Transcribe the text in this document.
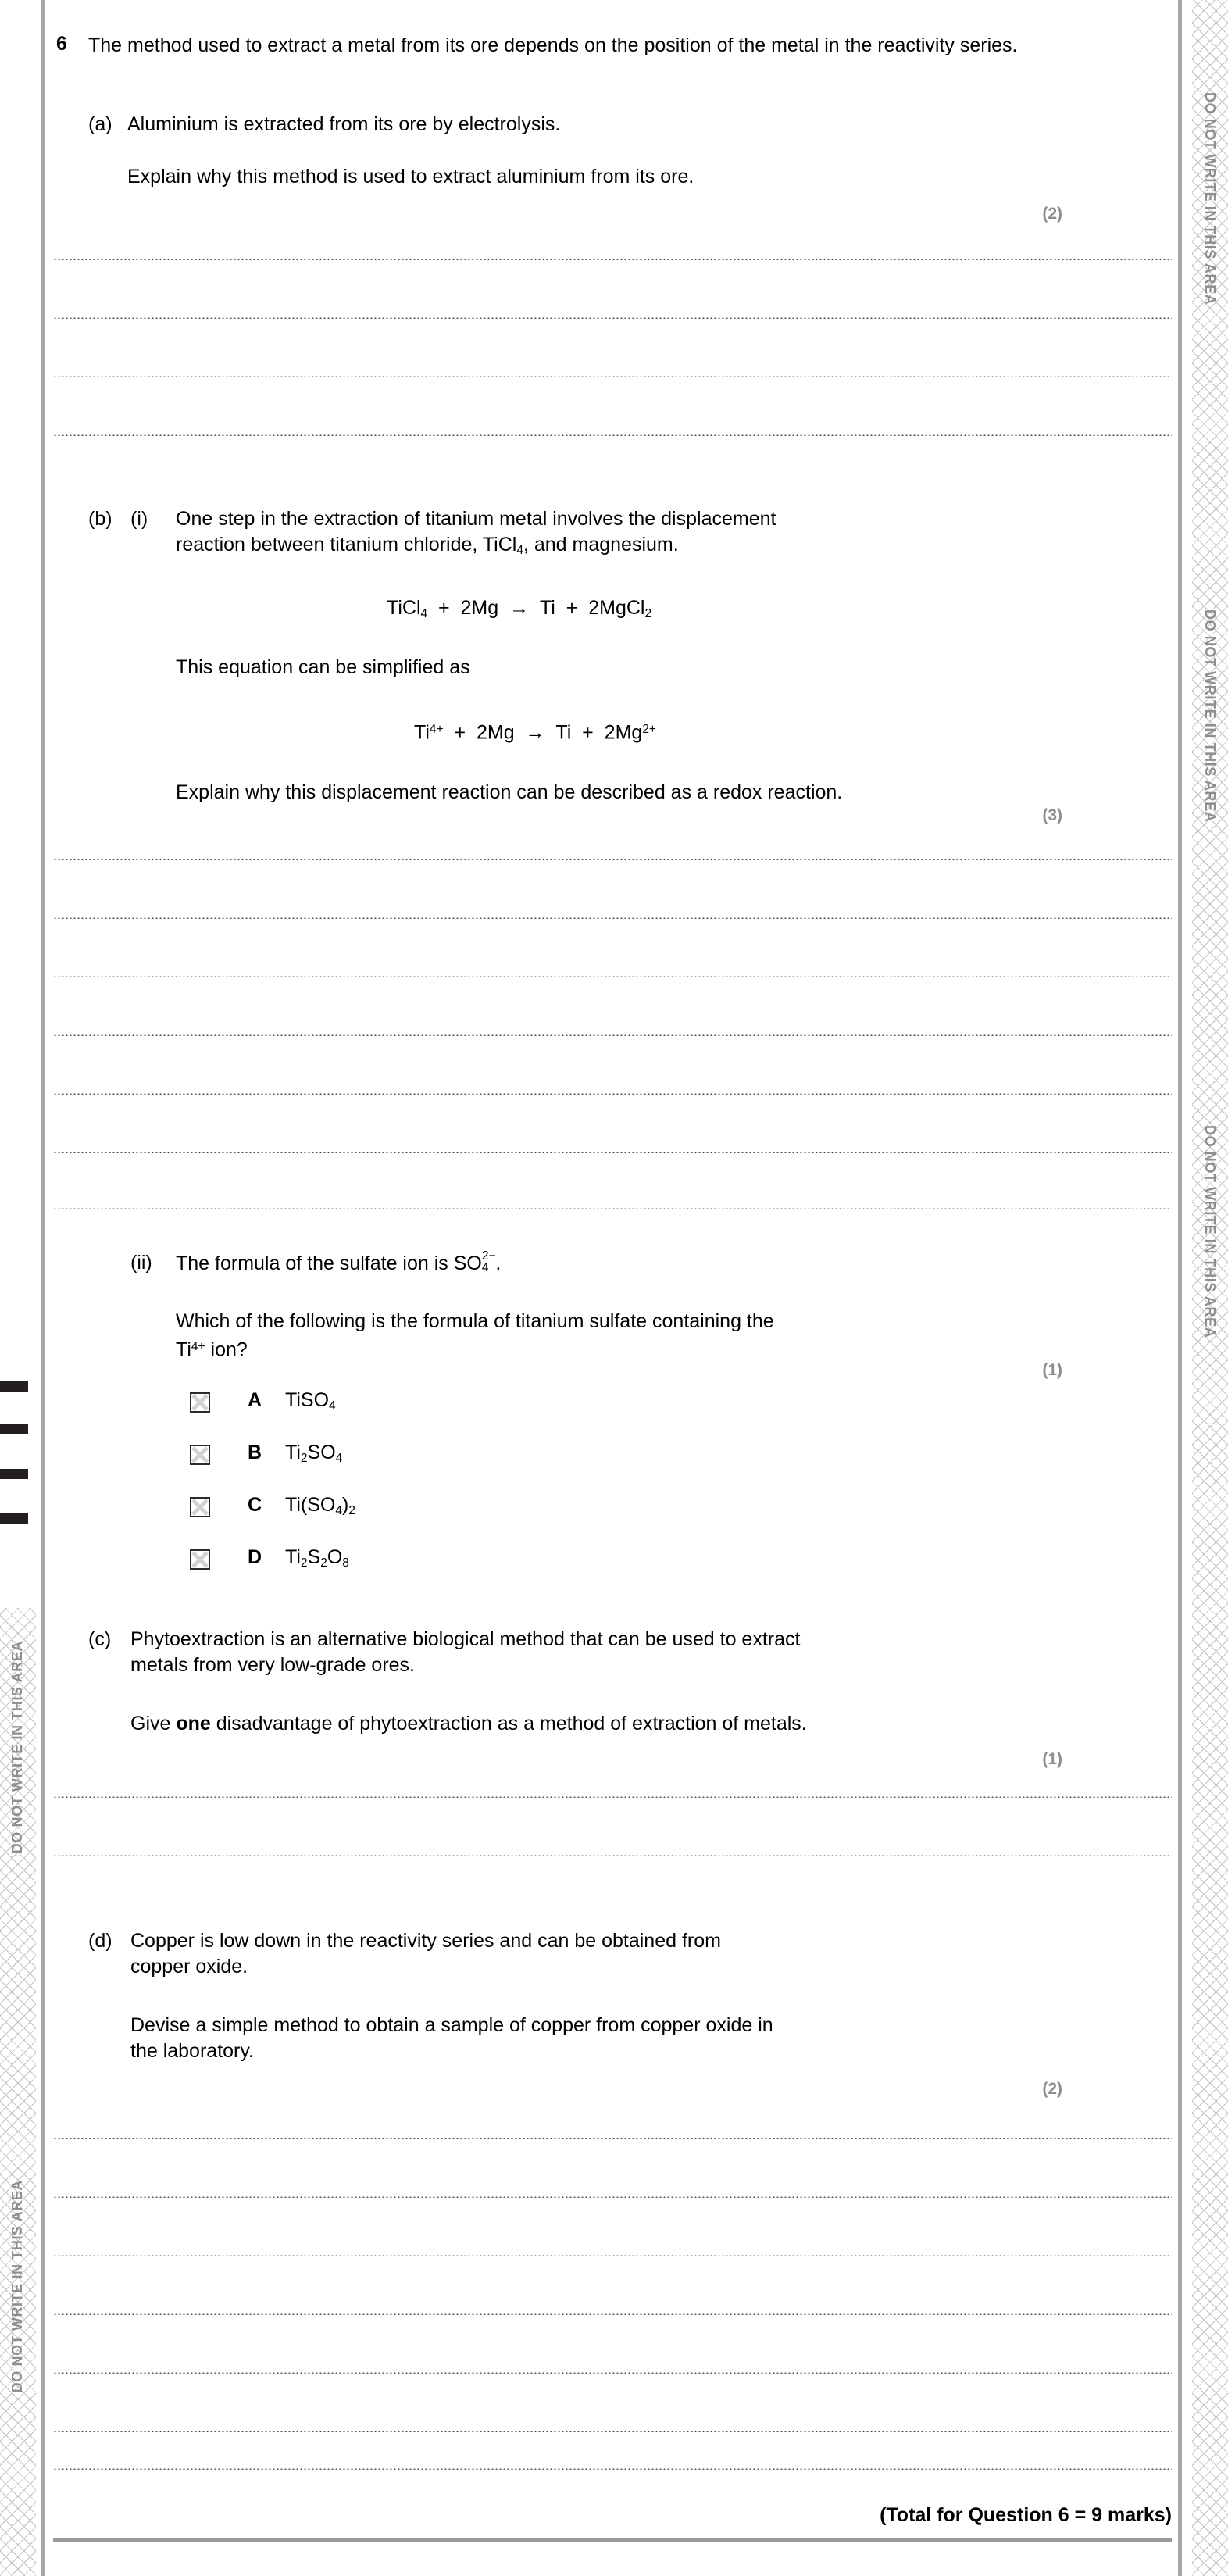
DO NOT WRITE IN THIS AREA
DO NOT WRITE IN THIS AREA
DO NOT WRITE IN THIS AREA
DO NOT WRITE IN THIS AREA
DO NOT WRITE IN THIS AREA
6 The method used to extract a metal from its ore depends on the position of the metal in the reactivity series.
(a) Aluminium is extracted from its ore by electrolysis.
Explain why this method is used to extract aluminium from its ore.
(2)
(b) (i) One step in the extraction of titanium metal involves the displacement
reaction between titanium chloride, TiCl$_4$, and magnesium.
TiCl$_4$  +  2Mg  →  Ti  +  2MgCl$_2$
This equation can be simplified as
$Ti^{4+} + 2Mg \to Ti + 2Mg^{2+}$
Explain why this displacement reaction can be described as a redox reaction.
(3)
(ii) The formula of the sulfate ion is SO 2−
4 .
Which of the following is the formula of titanium sulfate containing the
$Ti^{4+}$ ion?
(1)
A TiSO$_4$
B $Ti_2SO_4$
C $Ti(SO_4)_2$
D $Ti_2S_2O_8$
(c) Phytoextraction is an alternative biological method that can be used to extract
metals from very low-grade ores.
Give one disadvantage of phytoextraction as a method of extraction of metals.
(1)
(d) Copper is low down in the reactivity series and can be obtained from
copper oxide.
Devise a simple method to obtain a sample of copper from copper oxide in
the laboratory.
(2)
(Total for Question 6 = 9 marks)
